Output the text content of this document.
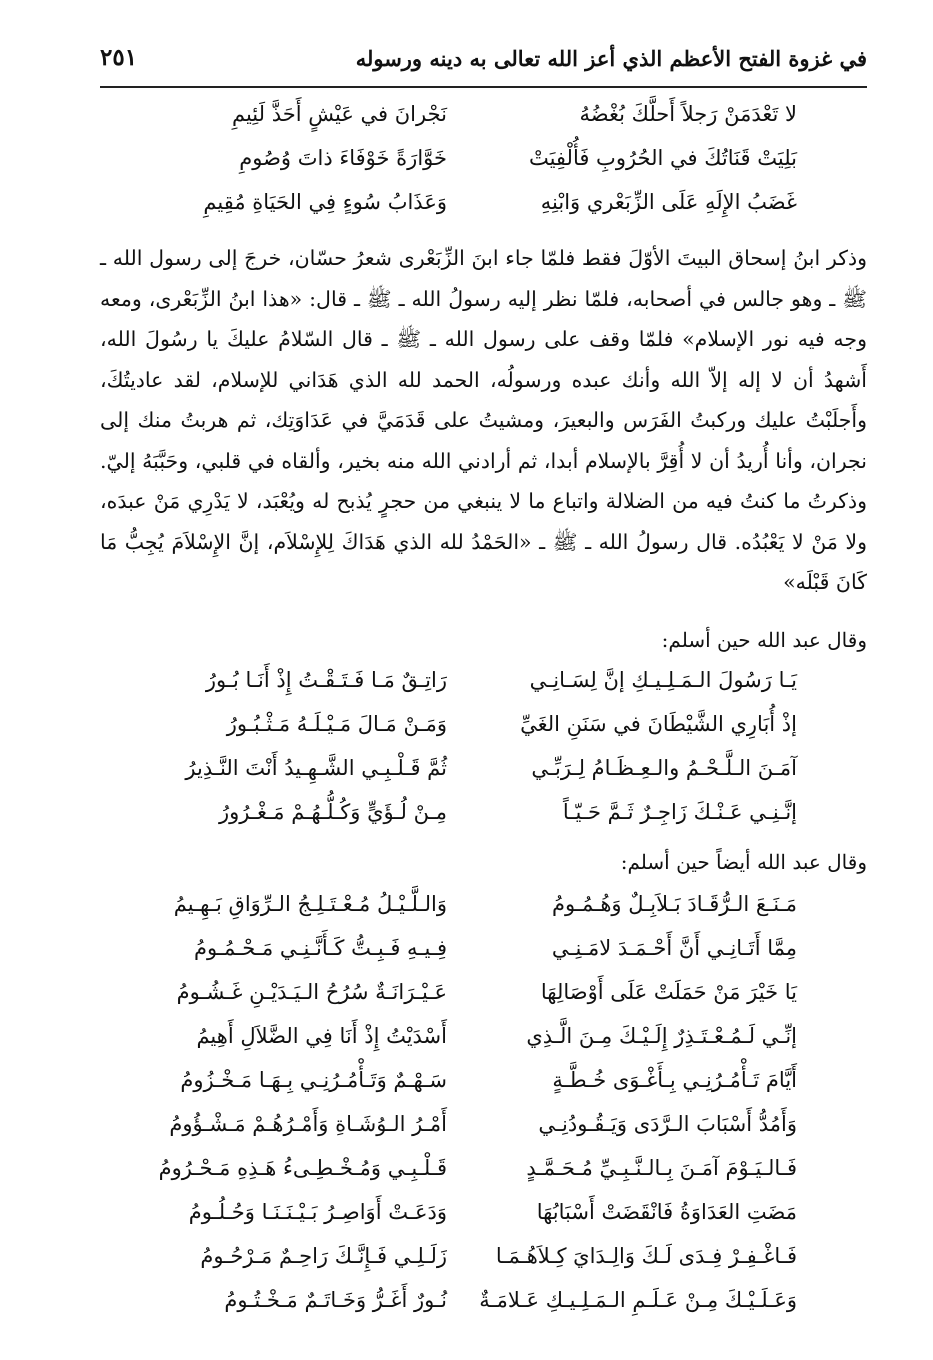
في غزوة الفتح الأعظم الذي أعز الله تعالى به دينه ورسوله
٢٥١
لا تَعْدَمَنْ رَجلاً أَحلَّكَ بُغْضُهُ
نَجْرانَ في عَيْشٍ أَحَذَّ لَئِيمِ
بَلِيَتْ قَنَاتُكَ في الحُرُوبِ فَأُلْفِيَتْ
خَوَّارَةً خَوْفَاءَ ذاتَ وُصُومِ
غَضَبُ الإِلَهِ عَلَى الزِّبَعْري وَابْنِهِ
وَعَذَابُ سُوءٍ فِي الحَيَاةِ مُقِيمِ
وذكر ابنُ إسحاق البيتَ الأوّلَ فقط فلمّا جاء ابنَ الزِّبَعْرى شعرُ حسّان، خرجَ إلى رسول الله ـ ﷺ ـ وهو جالس في أصحابه، فلمّا نظر إليه رسولُ الله ـ ﷺ ـ قال: «هذا ابنُ الزِّبَعْرى، ومعه وجه فيه نور الإسلام» فلمّا وقف على رسول الله ـ ﷺ ـ قال السّلامُ عليكَ يا رسُولَ الله، أَشهدُ أن لا إله إلاّ الله وأنك عبده ورسولُه، الحمد لله الذي هَدَاني للإسلام، لقد عاديتُكَ، وأَجلَبْتُ عليك وركبتُ الفَرَس والبعيرَ، ومشيتُ على قَدَمَيَّ في عَدَاوَتِك، ثم هربتُ منك إلى نجران، وأنا أُريدُ أن لا أُقِرَّ بالإسلام أبدا، ثم أرادني الله منه بخير، وألقاه في قلبي، وحَبَّبَهُ إليّ. وذكرتُ ما كنتُ فيه من الضلالة واتباع ما لا ينبغي من حجرٍ يُذبح له ويُعْبَد، لا يَدْرِي مَنْ عبدَه، ولا مَنْ لا يَعْبُدُه. قال رسولُ الله ـ ﷺ ـ «الحَمْدُ لله الذي هَدَاكَ لِلإِسْلاَم، إنَّ الإِسْلاَمَ يُجِبُّ مَا كَانَ قَبْلَه»
وقال عبد الله حين أسلم:
يَـا رَسُولَ الـمَـلِـيـكِ إنَّ لِسَـانِـي
رَاتِـقٌ مَـا فَـتَـقْـتُ إِذْ أَنَـا بُـورُ
إذْ أُبَارِي الشَّيْطَانَ في سَنَنِ الغَيِّ
وَمَـنْ مَـالَ مَـيْـلَـهُ مَـثْـبُـورُ
آمَـنَ الـلَّـحْـمُ والـعِـظَـامُ لِـرَبِّـي
ثُمَّ قَـلْـبِـي الشَّـهِـيدُ أَنْتَ النَّـذِيرُ
إنَّـنِـي عَـنْـكَ زَاجِـرٌ ثَـمَّ حَـيّـاً
مِـنْ لُـؤَيٍّ وَكُـلُّـهُـمْ مَـغْـرُورُ
وقال عبد الله أيضاً حين أسلم:
مَـنَـعَ الـرُّقَـادَ بَـلاَبِـلٌ وَهُـمُـومُ
وَالـلَّـيْـلُ مُـعْـتَـلِـجُ الـرِّوَاقِ بَـهِـيمُ
مِمَّا أَتَـانِـي أَنَّ أَحْـمَـدَ لامَـنِـي
فِـيـهِ فَـبِـتُّ كَـأَنَّـنِـي مَـحْـمُـومُ
يَا خَيْرَ مَنْ حَمَلَتْ عَلَى أَوْصَالِهَا
عَـيْـرَانَـةٌ سُرُحُ الـيَـدَيْـنِ غَـشُـومُ
إنِّـي لَـمُـعْـتَـذِرٌ إِلَـيْـكَ مِـنَ الَّـذِي
أَسْدَيْتُ إِذْ أَنَا فِي الضَّلاَلِ أَهِيمُ
أَيَّامَ تَـأْمُـرُنِـي بِـأَغْـوَى خُـطَّـةٍ
سَـهْـمٌ وَتَـأْمُـرُنِـي بِـهَـا مَـخْـزُومُ
وَأَمُدُّ أَسْبَابَ الـرَّدَى وَيَـقُـودُنِـي
أَمْـرُ الـوُشَـاةِ وَأَمْـرُهُـمْ مَـشْـؤُومُ
فَـالـيَـوْمَ آمَـنَ بِـالـنَّـبِـيِّ مُـحَـمَّـدٍ
قَـلْـبِـي وَمُـخْـطِـىءُ هَـذِهِ مَـحْـرُومُ
مَضَتِ العَدَاوَةُ فَانْقَضَتْ أَسْبَابُهَا
وَدَعَـتْ أَوَاصِـرُ بَـيْـنَـنَـا وَحُـلُـومُ
فَـاغْـفِـرْ فِـدَى لَـكَ وَالِـدَايَ كِـلاَهُـمَـا
زَلَـلِـي فَـإِنَّـكَ رَاحِـمٌ مَـرْحُـومُ
وَعَـلَـيْـكَ مِـنْ عَـلَـمِ الـمَـلِـيـكِ عَـلامَـةٌ
نُـورٌ أَغَـرُّ وَخَـاتَـمٌ مَـخْـتُـومُ
